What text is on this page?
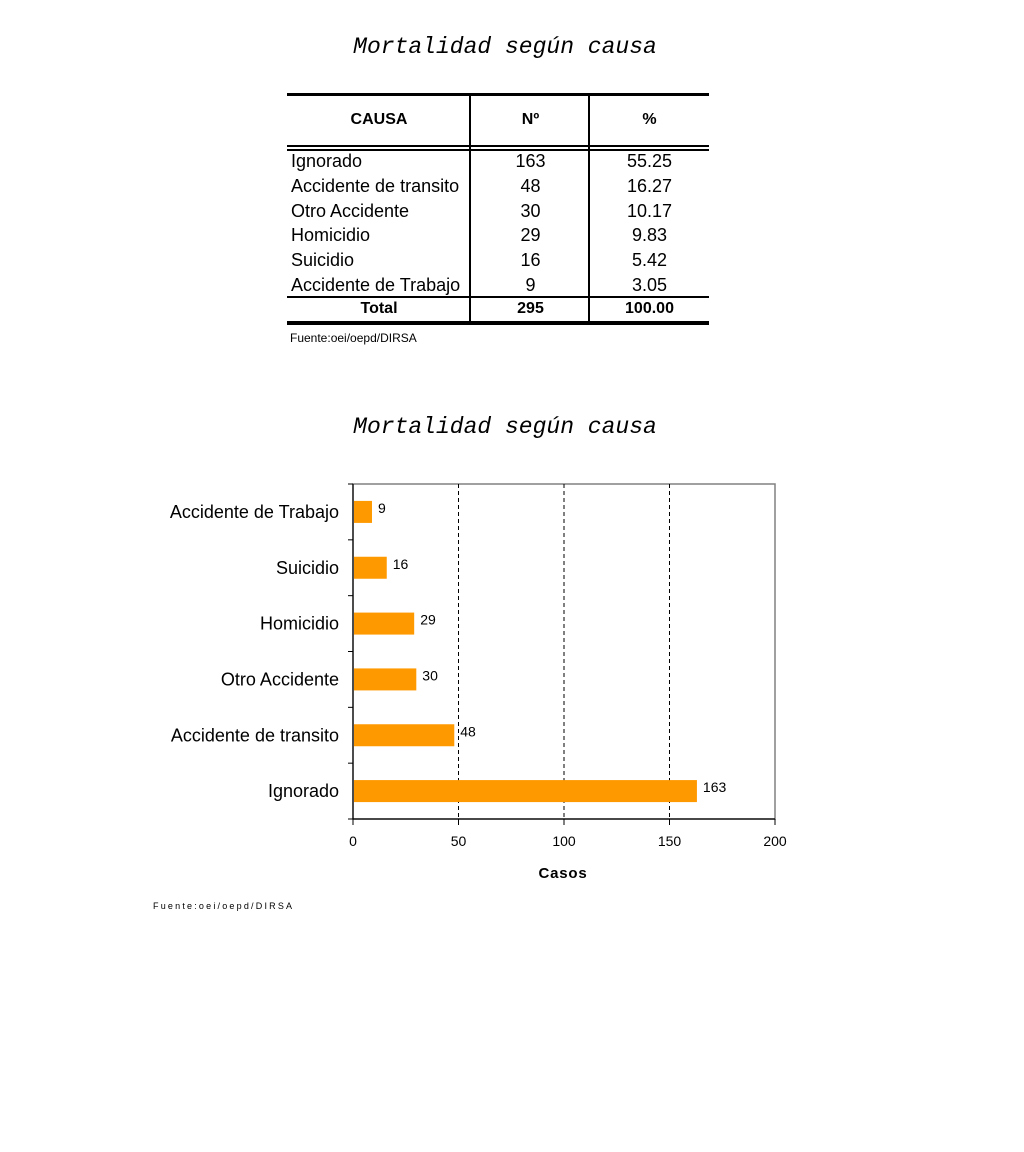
Mortalidad según causa
CAUSA	Nº	%
Ignorado	163	55.25
Accidente de transito	48	16.27
Otro Accidente	30	10.17
Homicidio	29	9.83
Suicidio	16	5.42
Accidente de Trabajo	9	3.05
Total	295	100.00
Fuente:oei/oepd/DIRSA
Mortalidad según causa
0	50	100	150	200
9
Accidente de Trabajo
16
Suicidio
29
Homicidio
30
Otro Accidente
48
Accidente de transito
163
Ignorado
Casos
Fuente:oei/oepd/DIRSA
